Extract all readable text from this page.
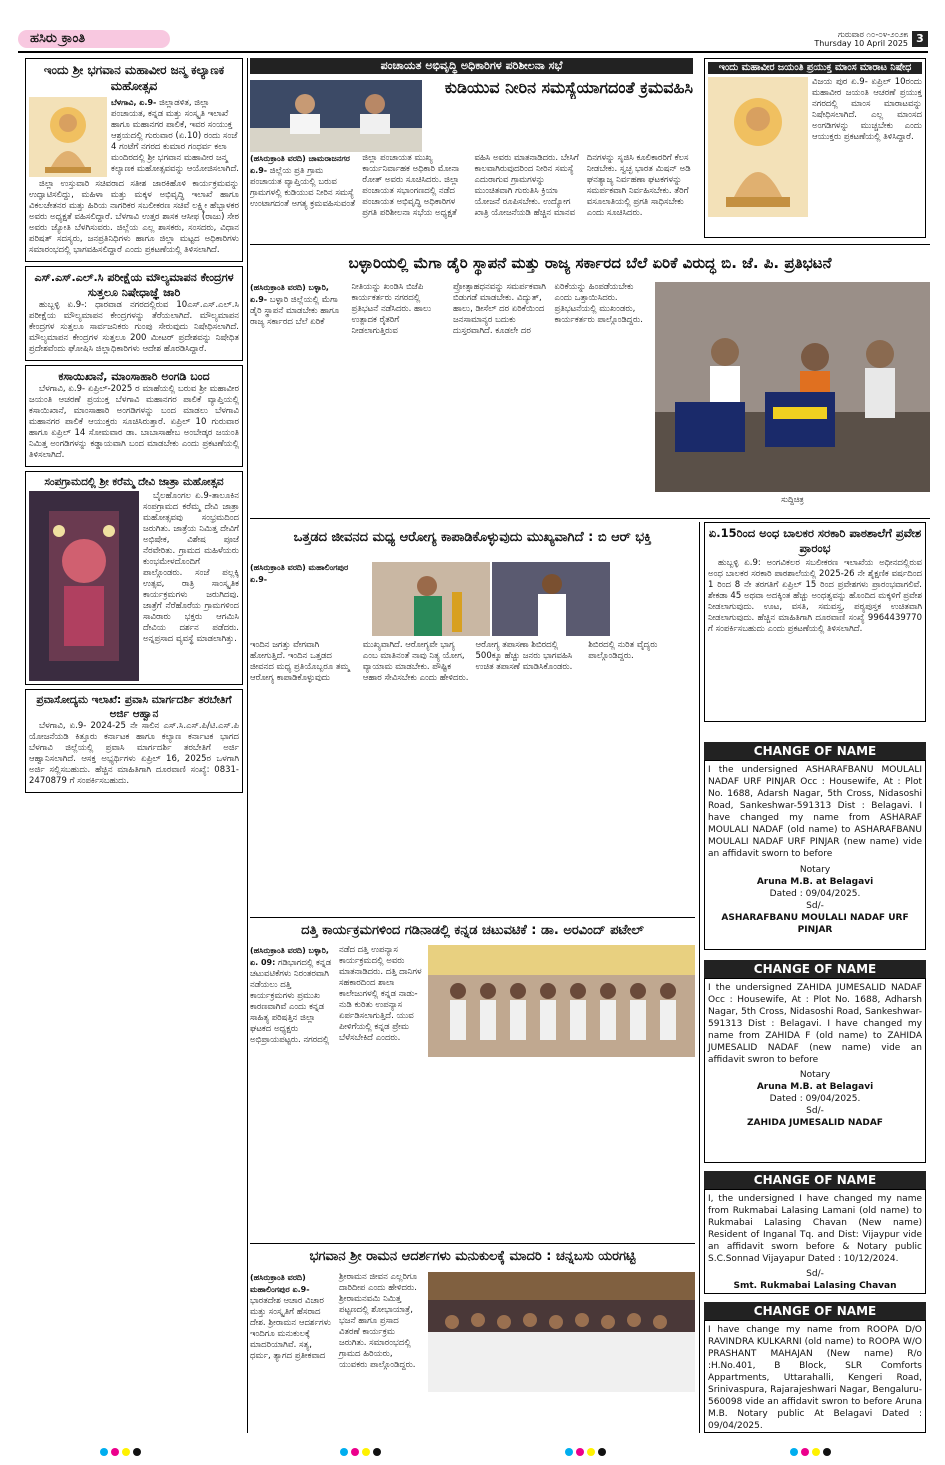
ಹಸಿರು ಕ್ರಾಂತಿ	ಗುರುವಾರ ೧೦-೦೪-೨೦೨೫
Thursday 10 April 2025 3
ಇಂದು ಶ್ರೀ ಭಗವಾನ ಮಹಾವೀರ ಜನ್ಮ ಕಲ್ಯಾಣಕ ಮಹೋತ್ಸವ
ಬೆಳಗಾವಿ, ಏ.9- ಜಿಲ್ಲಾಡಳಿತ, ಜಿಲ್ಲಾ ಪಂಚಾಯತ, ಕನ್ನಡ ಮತ್ತು ಸಂಸ್ಕೃತಿ ಇಲಾಖೆ ಹಾಗೂ ಮಹಾನಗರ ಪಾಲಿಕೆ, ಇವರ ಸಂಯುಕ್ತ ಆಶ್ರಯದಲ್ಲಿ ಗುರುವಾರ (ಏ.10) ರಂದು ಸಂಜೆ 4 ಗಂಟೆಗೆ ನಗರದ ಕುಮಾರ ಗಂಧರ್ವ ಕಲಾ ಮಂದಿರದಲ್ಲಿ ಶ್ರೀ ಭಗವಾನ ಮಹಾವೀರ ಜನ್ಮ ಕಲ್ಯಾಣಕ ಮಹೋತ್ಸವವನ್ನು ಆಯೋಜಿಸಲಾಗಿದೆ.

ಜಿಲ್ಲಾ ಉಸ್ತುವಾರಿ ಸಚಿವರಾದ ಸತೀಶ ಜಾರಕಿಹೊಳಿ ಕಾರ್ಯಕ್ರಮವನ್ನು ಉದ್ಘಾಟಿಸಲಿದ್ದು, ಮಹಿಳಾ ಮತ್ತು ಮಕ್ಕಳ ಅಭಿವೃದ್ಧಿ ಇಲಾಖೆ ಹಾಗೂ ವಿಕಲಚೇತನರ ಮತ್ತು ಹಿರಿಯ ನಾಗರಿಕರ ಸಬಲೀಕರಣ ಸಚಿವೆ ಲಕ್ಷ್ಮೀ ಹೆಬ್ಬಾಳಕರ ಅವರು ಅಧ್ಯಕ್ಷತೆ ವಹಿಸಲಿದ್ದಾರೆ. ಬೆಳಗಾವಿ ಉತ್ತರ ಶಾಸಕ ಆಸೀಫ (ರಾಜು) ಸೇಠ ಅವರು ಜ್ಯೋತಿ ಬೆಳಗಿಸುವರು. ಜಿಲ್ಲೆಯ ಎಲ್ಲ ಶಾಸಕರು, ಸಂಸದರು, ವಿಧಾನ ಪರಿಷತ್ ಸದಸ್ಯರು, ಜನಪ್ರತಿನಿಧಿಗಳು ಹಾಗೂ ಜಿಲ್ಲಾ ಮಟ್ಟದ ಅಧಿಕಾರಿಗಳು ಸಮಾರಂಭದಲ್ಲಿ ಭಾಗವಹಿಸಲಿದ್ದಾರೆ ಎಂದು ಪ್ರಕಟಣೆಯಲ್ಲಿ ತಿಳಿಸಲಾಗಿದೆ.

ಎಸ್.ಎಸ್.ಎಲ್.ಸಿ ಪರೀಕ್ಷೆಯ ಮೌಲ್ಯಮಾಪನ ಕೇಂದ್ರಗಳ ಸುತ್ತಲೂ ನಿಷೇಧಾಜ್ಞೆ ಜಾರಿ

ಹುಬ್ಬಳ್ಳಿ ಏ.9-: ಧಾರವಾಡ ನಗರದಲ್ಲಿರುವ 10ಎಸ್.ಎಸ್.ಎಲ್.ಸಿ ಪರೀಕ್ಷೆಯ ಮೌಲ್ಯಮಾಪನ ಕೇಂದ್ರಗಳನ್ನು ತೆರೆಯಲಾಗಿದೆ. ಮೌಲ್ಯಮಾಪನ ಕೇಂದ್ರಗಳ ಸುತ್ತಲೂ ಸಾರ್ವಜನಿಕರು ಗುಂಪು ಸೇರುವುದು ನಿಷೇಧಿಸಲಾಗಿದೆ. ಮೌಲ್ಯಮಾಪನ ಕೇಂದ್ರಗಳ ಸುತ್ತಲೂ 200 ಮೀಟರ್ ಪ್ರದೇಶವನ್ನು ನಿಷೇಧಿತ ಪ್ರದೇಶವೆಂದು ಘೋಷಿಸಿ ಜಿಲ್ಲಾಧಿಕಾರಿಗಳು ಆದೇಶ ಹೊರಡಿಸಿದ್ದಾರೆ.

ಕಸಾಯಿಖಾನೆ, ಮಾಂಸಾಹಾರಿ ಅಂಗಡಿ ಬಂದ

ಬೆಳಗಾವಿ, ಏ.9- ಏಪ್ರಿಲ್-2025 ರ ಮಾಹೆಯಲ್ಲಿ ಬರುವ ಶ್ರೀ ಮಹಾವೀರ ಜಯಂತಿ ಆಚರಣೆ ಪ್ರಯುಕ್ತ ಬೆಳಗಾವಿ ಮಹಾನಗರ ಪಾಲಿಕೆ ವ್ಯಾಪ್ತಿಯಲ್ಲಿ ಕಸಾಯಿಖಾನೆ, ಮಾಂಸಾಹಾರಿ ಅಂಗಡಿಗಳನ್ನು ಬಂದ ಮಾಡಲು ಬೆಳಗಾವಿ ಮಹಾನಗರ ಪಾಲಿಕೆ ಆಯುಕ್ತರು ಸೂಚಿಸಿರುತ್ತಾರೆ. ಏಪ್ರಿಲ್ 10 ಗುರುವಾರ ಹಾಗೂ ಏಪ್ರಿಲ್ 14 ಸೋಮವಾರ ಡಾ. ಬಾಬಾಸಾಹೇಬ ಅಂಬೇಡ್ಕರ ಜಯಂತಿ ನಿಮಿತ್ತ ಅಂಗಡಿಗಳನ್ನು ಕಡ್ಡಾಯವಾಗಿ ಬಂದ ಮಾಡಬೇಕು ಎಂದು ಪ್ರಕಟಣೆಯಲ್ಲಿ ತಿಳಿಸಲಾಗಿದೆ.

ಸಂಪಗ್ರಾಮದಲ್ಲಿ ಶ್ರೀ ಕರೆಮ್ಮ ದೇವಿ ಜಾತ್ರಾ ಮಹೋತ್ಸವ

ಬೈಲಹೊಂಗಲ ಏ.9-ತಾಲೂಕಿನ ಸಂಪಗ್ರಾಮದ ಕರೆಮ್ಮ ದೇವಿ ಜಾತ್ರಾ ಮಹೋತ್ಸವವು ಸಂಭ್ರಮದಿಂದ ಜರುಗಿತು. ಜಾತ್ರೆಯ ನಿಮಿತ್ತ ದೇವಿಗೆ ಅಭಿಷೇಕ, ವಿಶೇಷ ಪೂಜೆ ನೆರವೇರಿತು. ಗ್ರಾಮದ ಮಹಿಳೆಯರು ಕುಂಭಮೇಳದೊಂದಿಗೆ ಪಾಲ್ಗೊಂಡರು. ಸಂಜೆ ಪಲ್ಲಕ್ಕಿ ಉತ್ಸವ, ರಾತ್ರಿ ಸಾಂಸ್ಕೃತಿಕ ಕಾರ್ಯಕ್ರಮಗಳು ಜರುಗಿದವು. ಜಾತ್ರೆಗೆ ನೆರೆಹೊರೆಯ ಗ್ರಾಮಗಳಿಂದ ಸಾವಿರಾರು ಭಕ್ತರು ಆಗಮಿಸಿ ದೇವಿಯ ದರ್ಶನ ಪಡೆದರು. ಅನ್ನಪ್ರಸಾದ ವ್ಯವಸ್ಥೆ ಮಾಡಲಾಗಿತ್ತು.

ಪ್ರವಾಸೋದ್ಯಮ ಇಲಾಖೆ: ಪ್ರವಾಸಿ ಮಾರ್ಗದರ್ಶಿ ತರಬೇತಿಗೆ ಅರ್ಜಿ ಆಹ್ವಾನ

ಬೆಳಗಾವಿ, ಏ.9- 2024-25 ನೇ ಸಾಲಿನ ಎಸ್.ಸಿ.ಎಸ್.ಪಿ/ಟಿ.ಎಸ್.ಪಿ ಯೋಜನೆಯಡಿ ಕಿತ್ತೂರು ಕರ್ನಾಟಕ ಹಾಗೂ ಕಲ್ಯಾಣ ಕರ್ನಾಟಕ ಭಾಗದ ಬೆಳಗಾವಿ ಜಿಲ್ಲೆಯಲ್ಲಿ ಪ್ರವಾಸಿ ಮಾರ್ಗದರ್ಶಿ ತರಬೇತಿಗೆ ಅರ್ಜಿ ಆಹ್ವಾನಿಸಲಾಗಿದೆ. ಆಸಕ್ತ ಅಭ್ಯರ್ಥಿಗಳು ಏಪ್ರಿಲ್ 16, 2025ರ ಒಳಗಾಗಿ ಅರ್ಜಿ ಸಲ್ಲಿಸಬಹುದು. ಹೆಚ್ಚಿನ ಮಾಹಿತಿಗಾಗಿ ದೂರವಾಣಿ ಸಂಖ್ಯೆ: 0831-2470879 ಗೆ ಸಂಪರ್ಕಿಸಬಹುದು.

ಪಂಚಾಯತ ಅಭಿವೃದ್ಧಿ ಅಧಿಕಾರಿಗಳ ಪರಿಶೀಲನಾ ಸಭೆ
ಕುಡಿಯುವ ನೀರಿನ ಸಮಸ್ಯೆಯಾಗದಂತೆ ಕ್ರಮವಹಿಸಿ
(ಹಸಿರುಕ್ರಾಂತಿ ವರದಿ) ಚಾಮರಾಜನಗರ ಏ.9- ಜಿಲ್ಲೆಯ ಪ್ರತಿ ಗ್ರಾಮ ಪಂಚಾಯತ ವ್ಯಾಪ್ತಿಯಲ್ಲಿ ಬರುವ ಗ್ರಾಮಗಳಲ್ಲಿ ಕುಡಿಯುವ ನೀರಿನ ಸಮಸ್ಯೆ ಉಂಟಾಗದಂತೆ ಅಗತ್ಯ ಕ್ರಮವಹಿಸುವಂತೆ ಜಿಲ್ಲಾ ಪಂಚಾಯತ ಮುಖ್ಯ ಕಾರ್ಯನಿರ್ವಾಹಕ ಅಧಿಕಾರಿ ಮೋನಾ ರೋತ್ ಅವರು ಸೂಚಿಸಿದರು. ಜಿಲ್ಲಾ ಪಂಚಾಯತ ಸಭಾಂಗಣದಲ್ಲಿ ನಡೆದ ಪಂಚಾಯತ ಅಭಿವೃದ್ಧಿ ಅಧಿಕಾರಿಗಳ ಪ್ರಗತಿ ಪರಿಶೀಲನಾ ಸಭೆಯ ಅಧ್ಯಕ್ಷತೆ ವಹಿಸಿ ಅವರು ಮಾತನಾಡಿದರು. ಬೇಸಿಗೆ ಕಾಲವಾಗಿರುವುದರಿಂದ ನೀರಿನ ಸಮಸ್ಯೆ ಎದುರಾಗುವ ಗ್ರಾಮಗಳನ್ನು ಮುಂಚಿತವಾಗಿ ಗುರುತಿಸಿ ಕ್ರಿಯಾ ಯೋಜನೆ ರೂಪಿಸಬೇಕು. ಉದ್ಯೋಗ ಖಾತ್ರಿ ಯೋಜನೆಯಡಿ ಹೆಚ್ಚಿನ ಮಾನವ ದಿನಗಳನ್ನು ಸೃಜಿಸಿ ಕೂಲಿಕಾರರಿಗೆ ಕೆಲಸ ನೀಡಬೇಕು. ಸ್ವಚ್ಛ ಭಾರತ ಮಿಷನ್ ಅಡಿ ಘನತ್ಯಾಜ್ಯ ನಿರ್ವಹಣಾ ಘಟಕಗಳನ್ನು ಸಮರ್ಪಕವಾಗಿ ನಿರ್ವಹಿಸಬೇಕು. ತೆರಿಗೆ ವಸೂಲಾತಿಯಲ್ಲಿ ಪ್ರಗತಿ ಸಾಧಿಸಬೇಕು ಎಂದು ಸೂಚಿಸಿದರು.
ಬಳ್ಳಾರಿಯಲ್ಲಿ ಮೆಗಾ ಡೈರಿ ಸ್ಥಾಪನೆ ಮತ್ತು ರಾಜ್ಯ ಸರ್ಕಾರದ ಬೆಲೆ ಏರಿಕೆ ವಿರುದ್ಧ ಬಿ. ಜೆ. ಪಿ. ಪ್ರತಿಭಟನೆ
(ಹಸಿರುಕ್ರಾಂತಿ ವರದಿ) ಬಳ್ಳಾರಿ, ಏ.9- ಬಳ್ಳಾರಿ ಜಿಲ್ಲೆಯಲ್ಲಿ ಮೆಗಾ ಡೈರಿ ಸ್ಥಾಪನೆ ಮಾಡಬೇಕು ಹಾಗೂ ರಾಜ್ಯ ಸರ್ಕಾರದ ಬೆಲೆ ಏರಿಕೆ ನೀತಿಯನ್ನು ಖಂಡಿಸಿ ಬಿಜೆಪಿ ಕಾರ್ಯಕರ್ತರು ನಗರದಲ್ಲಿ ಪ್ರತಿಭಟನೆ ನಡೆಸಿದರು. ಹಾಲು ಉತ್ಪಾದಕ ರೈತರಿಗೆ ನೀಡಲಾಗುತ್ತಿರುವ ಪ್ರೋತ್ಸಾಹಧನವನ್ನು ಸಮರ್ಪಕವಾಗಿ ಬಿಡುಗಡೆ ಮಾಡಬೇಕು. ವಿದ್ಯುತ್, ಹಾಲು, ಡೀಸೆಲ್ ದರ ಏರಿಕೆಯಿಂದ ಜನಸಾಮಾನ್ಯರ ಬದುಕು ದುಸ್ತರವಾಗಿದೆ. ಕೂಡಲೇ ದರ ಏರಿಕೆಯನ್ನು ಹಿಂಪಡೆಯಬೇಕು ಎಂದು ಒತ್ತಾಯಿಸಿದರು. ಪ್ರತಿಭಟನೆಯಲ್ಲಿ ಮುಖಂಡರು, ಕಾರ್ಯಕರ್ತರು ಪಾಲ್ಗೊಂಡಿದ್ದರು.
ಸುದ್ದಿಚಿತ್ರ
ಒತ್ತಡದ ಜೀವನದ ಮಧ್ಯ ಆರೋಗ್ಯ ಕಾಪಾಡಿಕೊಳ್ಳುವುದು ಮುಖ್ಯವಾಗಿದೆ : ಬಿ ಆರ್ ಭಕ್ತಿ
(ಹಸಿರುಕ್ರಾಂತಿ ವರದಿ) ಮಹಾಲಿಂಗಪುರ ಏ.9-
ಇಂದಿನ ಜಗತ್ತು ವೇಗವಾಗಿ ಹೋಗುತ್ತಿದೆ. ಇಂದಿನ ಒತ್ತಡದ ಜೀವನದ ಮಧ್ಯ ಪ್ರತಿಯೊಬ್ಬರೂ ತಮ್ಮ ಆರೋಗ್ಯ ಕಾಪಾಡಿಕೊಳ್ಳುವುದು ಮುಖ್ಯವಾಗಿದೆ. ಆರೋಗ್ಯವೇ ಭಾಗ್ಯ ಎಂಬ ಮಾತಿನಂತೆ ನಾವು ನಿತ್ಯ ಯೋಗ, ವ್ಯಾಯಾಮ ಮಾಡಬೇಕು. ಪೌಷ್ಟಿಕ ಆಹಾರ ಸೇವಿಸಬೇಕು ಎಂದು ಹೇಳಿದರು. ಆರೋಗ್ಯ ತಪಾಸಣಾ ಶಿಬಿರದಲ್ಲಿ 500ಕ್ಕೂ ಹೆಚ್ಚು ಜನರು ಭಾಗವಹಿಸಿ ಉಚಿತ ತಪಾಸಣೆ ಮಾಡಿಸಿಕೊಂಡರು. ಶಿಬಿರದಲ್ಲಿ ನುರಿತ ವೈದ್ಯರು ಪಾಲ್ಗೊಂಡಿದ್ದರು.
ದತ್ತಿ ಕಾರ್ಯಕ್ರಮಗಳಿಂದ ಗಡಿನಾಡಲ್ಲಿ ಕನ್ನಡ ಚಟುವಟಿಕೆ : ಡಾ. ಅರವಿಂದ್ ಪಟೇಲ್
(ಹಸಿರುಕ್ರಾಂತಿ ವರದಿ) ಬಳ್ಳಾರಿ, ಏ. 09: ಗಡಿಭಾಗದಲ್ಲಿ ಕನ್ನಡ ಚಟುವಟಿಕೆಗಳು ನಿರಂತರವಾಗಿ ನಡೆಯಲು ದತ್ತಿ ಕಾರ್ಯಕ್ರಮಗಳು ಪ್ರಮುಖ ಕಾರಣವಾಗಿವೆ ಎಂದು ಕನ್ನಡ ಸಾಹಿತ್ಯ ಪರಿಷತ್ತಿನ ಜಿಲ್ಲಾ ಘಟಕದ ಅಧ್ಯಕ್ಷರು ಅಭಿಪ್ರಾಯಪಟ್ಟರು. ನಗರದಲ್ಲಿ ನಡೆದ ದತ್ತಿ ಉಪನ್ಯಾಸ ಕಾರ್ಯಕ್ರಮದಲ್ಲಿ ಅವರು ಮಾತನಾಡಿದರು. ದತ್ತಿ ದಾನಿಗಳ ಸಹಕಾರದಿಂದ ಶಾಲಾ ಕಾಲೇಜುಗಳಲ್ಲಿ ಕನ್ನಡ ನಾಡು-ನುಡಿ ಕುರಿತು ಉಪನ್ಯಾಸ ಏರ್ಪಡಿಸಲಾಗುತ್ತಿದೆ. ಯುವ ಪೀಳಿಗೆಯಲ್ಲಿ ಕನ್ನಡ ಪ್ರೇಮ ಬೆಳೆಸಬೇಕಿದೆ ಎಂದರು.
ಭಗವಾನ ಶ್ರೀ ರಾಮನ ಆದರ್ಶಗಳು ಮನುಕುಲಕ್ಕೆ ಮಾದರಿ : ಚನ್ನಬಸು ಯರಗಟ್ಟಿ
(ಹಸಿರುಕ್ರಾಂತಿ ವರದಿ) ಮಹಾಲಿಂಗಪುರ ಏ.9- ಭಾರತದೇಶ ಆಚಾರ ವಿಚಾರ ಮತ್ತು ಸಂಸ್ಕೃತಿಗೆ ಹೆಸರಾದ ದೇಶ. ಶ್ರೀರಾಮನ ಆದರ್ಶಗಳು ಇಂದಿಗೂ ಮನುಕುಲಕ್ಕೆ ಮಾದರಿಯಾಗಿವೆ. ಸತ್ಯ, ಧರ್ಮ, ತ್ಯಾಗದ ಪ್ರತೀಕವಾದ ಶ್ರೀರಾಮನ ಜೀವನ ಎಲ್ಲರಿಗೂ ದಾರಿದೀಪ ಎಂದು ಹೇಳಿದರು. ಶ್ರೀರಾಮನವಮಿ ನಿಮಿತ್ತ ಪಟ್ಟಣದಲ್ಲಿ ಶೋಭಾಯಾತ್ರೆ, ಭಜನೆ ಹಾಗೂ ಪ್ರಸಾದ ವಿತರಣೆ ಕಾರ್ಯಕ್ರಮ ಜರುಗಿತು. ಸಮಾರಂಭದಲ್ಲಿ ಗ್ರಾಮದ ಹಿರಿಯರು, ಯುವಕರು ಪಾಲ್ಗೊಂಡಿದ್ದರು.
ಇಂದು ಮಹಾವೀರ ಜಯಂತಿ ಪ್ರಯುಕ್ತ ಮಾಂಸ ಮಾರಾಟ ನಿಷೇಧ

ವಿಜಯ ಪುರ ಏ.9- ಏಪ್ರಿಲ್ 10ರಂದು ಮಹಾವೀರ ಜಯಂತಿ ಆಚರಣೆ ಪ್ರಯುಕ್ತ ನಗರದಲ್ಲಿ ಮಾಂಸ ಮಾರಾಟವನ್ನು ನಿಷೇಧಿಸಲಾಗಿದೆ. ಎಲ್ಲ ಮಾಂಸದ ಅಂಗಡಿಗಳನ್ನು ಮುಚ್ಚಬೇಕು ಎಂದು ಆಯುಕ್ತರು ಪ್ರಕಟಣೆಯಲ್ಲಿ ತಿಳಿಸಿದ್ದಾರೆ.

ಏ.15ರಿಂದ ಅಂಧ ಬಾಲಕರ ಸರಕಾರಿ ಪಾಠಶಾಲೆಗೆ ಪ್ರವೇಶ ಪ್ರಾರಂಭ

ಹುಬ್ಬಳ್ಳಿ ಏ.9: ಅಂಗವಿಕಲರ ಸಬಲೀಕರಣ ಇಲಾಖೆಯ ಅಧೀನದಲ್ಲಿರುವ ಅಂಧ ಬಾಲಕರ ಸರಕಾರಿ ಪಾಠಶಾಲೆಯಲ್ಲಿ 2025-26 ನೇ ಶೈಕ್ಷಣಿಕ ವರ್ಷದಿಂದ 1 ರಿಂದ 8 ನೇ ತರಗತಿಗೆ ಏಪ್ರಿಲ್ 15 ರಿಂದ ಪ್ರವೇಶಗಳು ಪ್ರಾರಂಭವಾಗಲಿವೆ. ಶೇಕಡಾ 45 ಅಥವಾ ಅದಕ್ಕಿಂತ ಹೆಚ್ಚು ಅಂಧತ್ವವನ್ನು ಹೊಂದಿದ ಮಕ್ಕಳಿಗೆ ಪ್ರವೇಶ ನೀಡಲಾಗುವುದು. ಊಟ, ವಸತಿ, ಸಮವಸ್ತ್ರ, ಪಠ್ಯಪುಸ್ತಕ ಉಚಿತವಾಗಿ ನೀಡಲಾಗುವುದು. ಹೆಚ್ಚಿನ ಮಾಹಿತಿಗಾಗಿ ದೂರವಾಣಿ ಸಂಖ್ಯೆ 9964439770 ಗೆ ಸಂಪರ್ಕಿಸಬಹುದು ಎಂದು ಪ್ರಕಟಣೆಯಲ್ಲಿ ತಿಳಿಸಲಾಗಿದೆ.

CHANGE OF NAME
I the undersigned ASHARAFBANU MOULALI NADAF URF PINJAR Occ : Housewife, At : Plot No. 1688, Adarsh Nagar, 5th Cross, Nidasoshi Road, Sankeshwar-591313 Dist : Belagavi. I have changed my name from ASHARAF MOULALI NADAF (old name) to ASHARAFBANU MOULALI NADAF URF PINJAR (new name) vide an affidavit sworn to before
Notary
Aruna M.B. at Belagavi
Dated : 09/04/2025.
Sd/-
ASHARAFBANU MOULALI NADAF URF PINJAR
CHANGE OF NAME
I the undersigned ZAHIDA JUMESALID NADAF Occ : Housewife, At : Plot No. 1688, Adharsh Nagar, 5th Cross, Nidasoshi Road, Sankeshwar-591313 Dist : Belagavi. I have changed my name from ZAHIDA F (old name) to ZAHIDA JUMESALID NADAF (new name) vide an affidavit swron to before
Notary
Aruna M.B. at Belagavi
Dated : 09/04/2025.
Sd/-
ZAHIDA JUMESALID NADAF
CHANGE OF NAME
I, the undersigned I have changed my name from Rukmabai Lalasing Lamani (old name) to Rukmabai Lalasing Chavan (New name) Resident of Inganal Tq. and Dist: Vijaypur vide an affidavit sworn before & Notary public S.C.Sonnad Vijayapur Dated : 10/12/2024.
Sd/-
Smt. Rukmabai Lalasing Chavan
CHANGE OF NAME
I have change my name from ROOPA D/O RAVINDRA KULKARNI (old name) to ROOPA W/O PRASHANT MAHAJAN (New name) R/o :H.No.401, B Block, SLR Comforts Appartments, Uttarahalli, Kengeri Road, Srinivaspura, Rajarajeshwari Nagar, Bengaluru-560098 vide an affidavit swron to before Aruna M.B. Notary public At Belagavi Dated : 09/04/2025.
